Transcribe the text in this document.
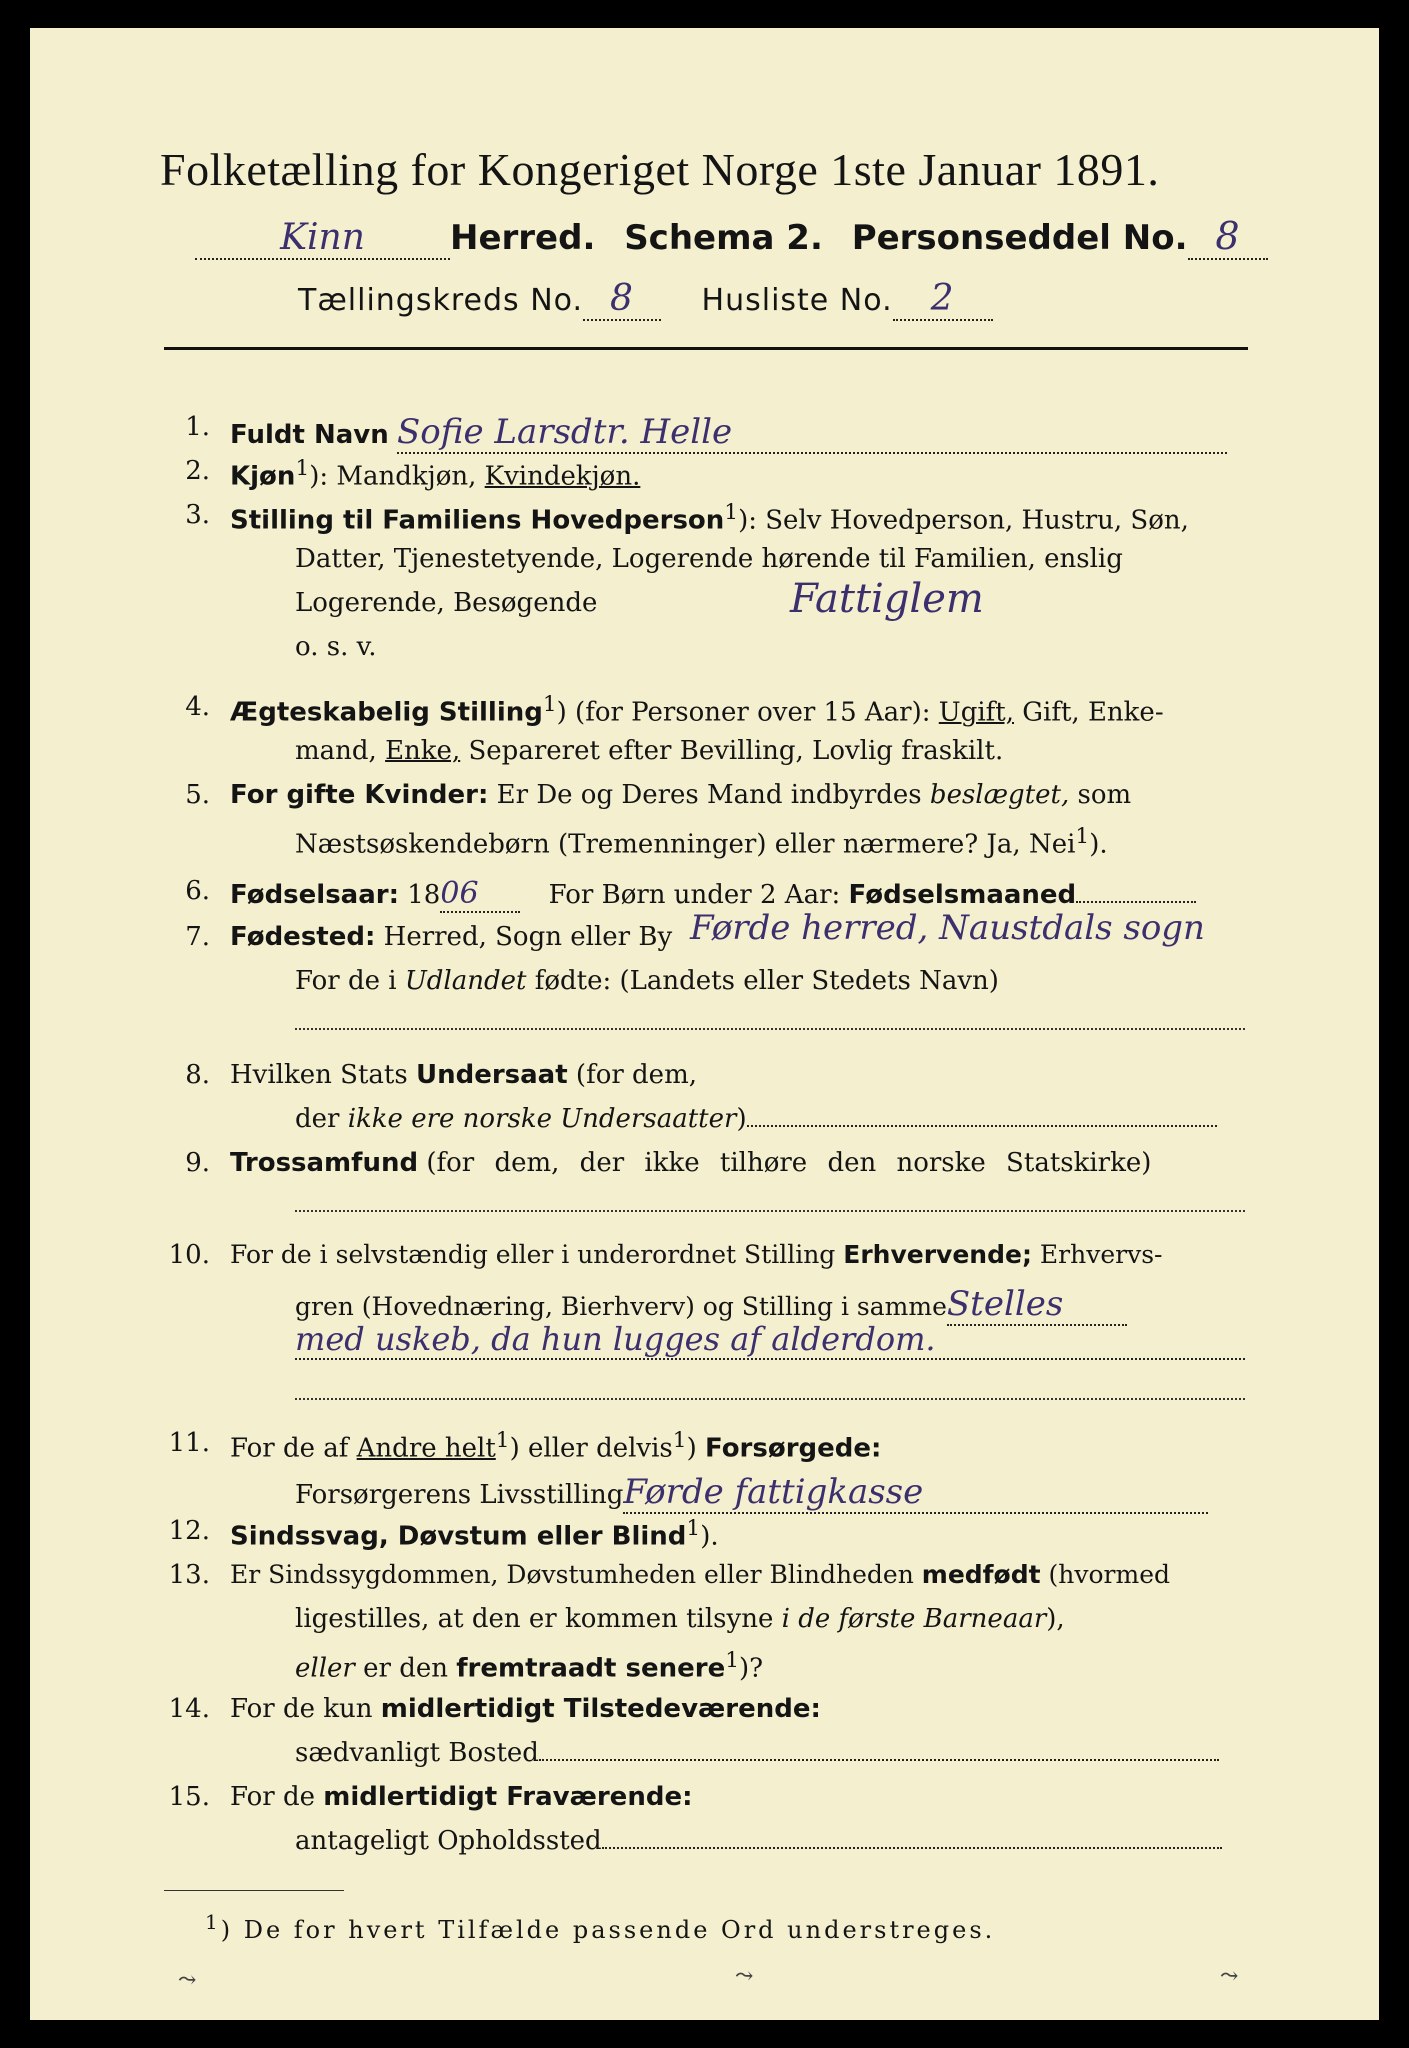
Folketælling for Kongeriget Norge 1ste Januar 1891.
Kinn	Herred. Schema 2. Personseddel No. 8
Tællingskreds No. 8 Husliste No. 2
1. Fuldt Navn Sofie Larsdtr. Helle
2. Kjøn$^1$): Mandkjøn, Kvindekjøn.
3. Stilling til Familiens Hovedperson$^1$): Selv Hovedperson, Hustru, Søn,
Datter, Tjenestetyende, Logerende hørende til Familien, enslig
Logerende, Besøgende	Fattiglem
o. s. v.
4. Ægteskabelig Stilling$^1$) (for Personer over 15 Aar): Ugift, Gift, Enke-
mand, Enke, Separeret efter Bevilling, Lovlig fraskilt.
5. For gifte Kvinder: Er De og Deres Mand indbyrdes beslægtet, som
Næstsøskendebørn (Tremenninger) eller nærmere? Ja, Nei$^1$).
6. Fødselsaar: 1806	For Børn under 2 Aar: Fødselsmaaned
7. Fødested: Herred, Sogn eller By Førde herred, Naustdals sogn
For de i Udlandet fødte: (Landets eller Stedets Navn)
8. Hvilken Stats Undersaat (for dem,
der ikke ere norske Undersaatter)
9. Trossamfund (for dem, der ikke tilhøre den norske Statskirke)
10. For de i selvstændig eller i underordnet Stilling Erhvervende; Erhvervs-
gren (Hovednæring, Bierhverv) og Stilling i sammeStelles
med uskeb, da hun lugges af alderdom.
11. For de af Andre helt$^1$) eller delvis$^1$) Forsørgede:
Forsørgerens LivsstillingFørde fattigkasse
12. Sindssvag, Døvstum eller Blind$^1$).
13. Er Sindssygdommen, Døvstumheden eller Blindheden medfødt (hvormed
ligestilles, at den er kommen tilsyne i de første Barneaar),
eller er den fremtraadt senere$^1$)?
14. For de kun midlertidigt Tilstedeværende:
sædvanligt Bosted
15. For de midlertidigt Fraværende:
antageligt Opholdssted
$^1$) De for hvert Tilfælde passende Ord understreges.
⤳	⤳	⤳
